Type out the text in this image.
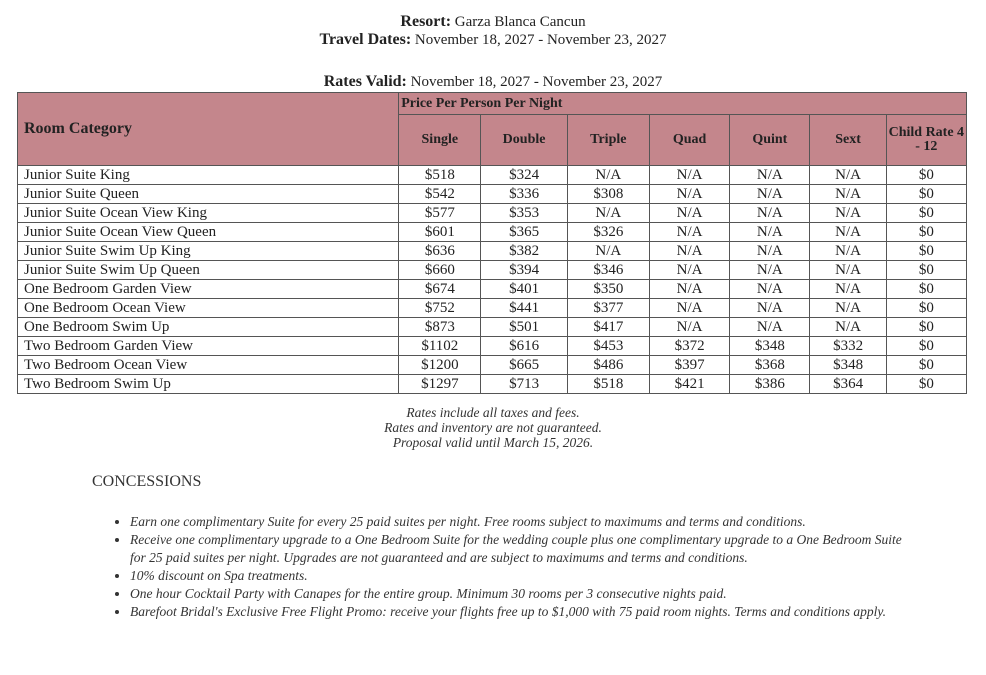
Resort: Garza Blanca Cancun
Travel Dates: November 18, 2027 - November 23, 2027
Rates Valid: November 18, 2027 - November 23, 2027
Room Category	Price Per Person Per Night						
	Single	Double	Triple	Quad	Quint	Sext	Child Rate 4 - 12
Junior Suite King	$518	$324	N/A	N/A	N/A	N/A	$0
Junior Suite Queen	$542	$336	$308	N/A	N/A	N/A	$0
Junior Suite Ocean View King	$577	$353	N/A	N/A	N/A	N/A	$0
Junior Suite Ocean View Queen	$601	$365	$326	N/A	N/A	N/A	$0
Junior Suite Swim Up King	$636	$382	N/A	N/A	N/A	N/A	$0
Junior Suite Swim Up Queen	$660	$394	$346	N/A	N/A	N/A	$0
One Bedroom Garden View	$674	$401	$350	N/A	N/A	N/A	$0
One Bedroom Ocean View	$752	$441	$377	N/A	N/A	N/A	$0
One Bedroom Swim Up	$873	$501	$417	N/A	N/A	N/A	$0
Two Bedroom Garden View	$1102	$616	$453	$372	$348	$332	$0
Two Bedroom Ocean View	$1200	$665	$486	$397	$368	$348	$0
Two Bedroom Swim Up	$1297	$713	$518	$421	$386	$364	$0
Rates include all taxes and fees.
Rates and inventory are not guaranteed.
Proposal valid until March 15, 2026.
CONCESSIONS
• Earn one complimentary Suite for every 25 paid suites per night. Free rooms subject to maximums and terms and conditions.
• Receive one complimentary upgrade to a One Bedroom Suite for the wedding couple plus one complimentary upgrade to a One Bedroom Suite for 25 paid suites per night. Upgrades are not guaranteed and are subject to maximums and terms and conditions.
• 10% discount on Spa treatments.
• One hour Cocktail Party with Canapes for the entire group. Minimum 30 rooms per 3 consecutive nights paid.
• Barefoot Bridal's Exclusive Free Flight Promo: receive your flights free up to $1,000 with 75 paid room nights. Terms and conditions apply.
